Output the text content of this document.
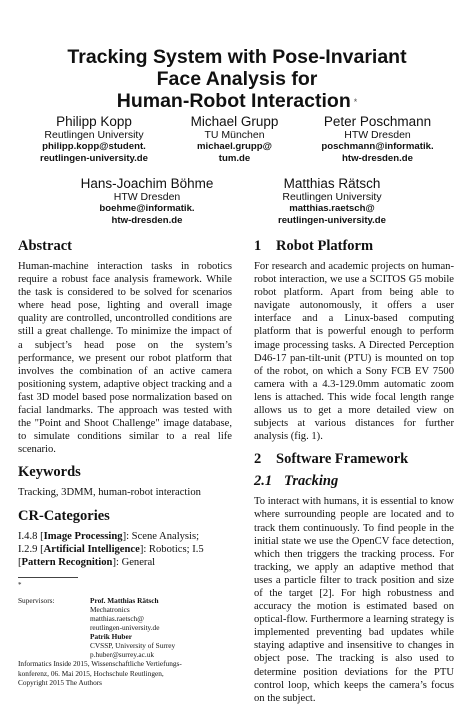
Tracking System with Pose-Invariant
Face Analysis for
Human-Robot Interaction *
Philipp Kopp
Reutlingen University
philipp.kopp@student.
reutlingen-university.de
Michael Grupp
TU München
michael.grupp@
tum.de
Peter Poschmann
HTW Dresden
poschmann@informatik.
htw-dresden.de
Hans-Joachim Böhme
HTW Dresden
boehme@informatik.
htw-dresden.de
Matthias Rätsch
Reutlingen University
matthias.raetsch@
reutlingen-university.de
Abstract
Human-machine interaction tasks in robotics require a robust face analysis framework. While the task is considered to be solved for scenarios where head pose, lighting and overall image quality are controlled, uncontrolled conditions are still a great challenge. To minimize the impact of a subject’s head pose on the system’s performance, we present our robot platform that involves the combination of an active camera positioning system, adaptive object tracking and a fast 3D model based pose normalization based on facial landmarks. The approach was tested with the "Point and Shoot Challenge" image database, to simulate conditions similar to a real life scenario.
Keywords
Tracking, 3DMM, human-robot interaction
CR-Categories
I.4.8 [Image Processing]: Scene Analysis;
I.2.9 [Artificial Intelligence]: Robotics; I.5
[Pattern Recognition]: General
*
Supervisors:	Prof. Matthias Rätsch
Mechatronics
matthias.raetsch@
reutlingen-university.de
Patrik Huber
CVSSP, University of Surrey
p.huber@surrey.ac.uk
Informatics Inside 2015, Wissenschaftliche Vertiefungs-
konferenz, 06. Mai 2015, Hochschule Reutlingen,
Copyright 2015 The Authors
1 Robot Platform
For research and academic projects on human-robot interaction, we use a SCITOS G5 mobile robot platform. Apart from being able to navigate autonomously, it offers a user interface and a Linux-based computing platform that is powerful enough to perform image processing tasks. A Directed Perception D46-17 pan-tilt-unit (PTU) is mounted on top of the robot, on which a Sony FCB EV 7500 camera with a 4.3-129.0mm automatic zoom lens is attached. This wide focal length range allows us to get a more detailed view on subjects at various distances for further analysis (fig. 1).
2 Software Framework
2.1 Tracking
To interact with humans, it is essential to know where surrounding people are located and to track them continuously. To find people in the initial state we use the OpenCV face detection, which then triggers the tracking process. For tracking, we apply an adaptive method that uses a particle filter to track position and size of the target [2]. For high robustness and accuracy the motion is estimated based on optical-flow. Furthermore a learning strategy is implemented preventing bad updates while staying adaptive and insensitive to changes in object pose. The tracking is also used to determine position deviations for the PTU control loop, which keeps the camera’s focus on the subject.
